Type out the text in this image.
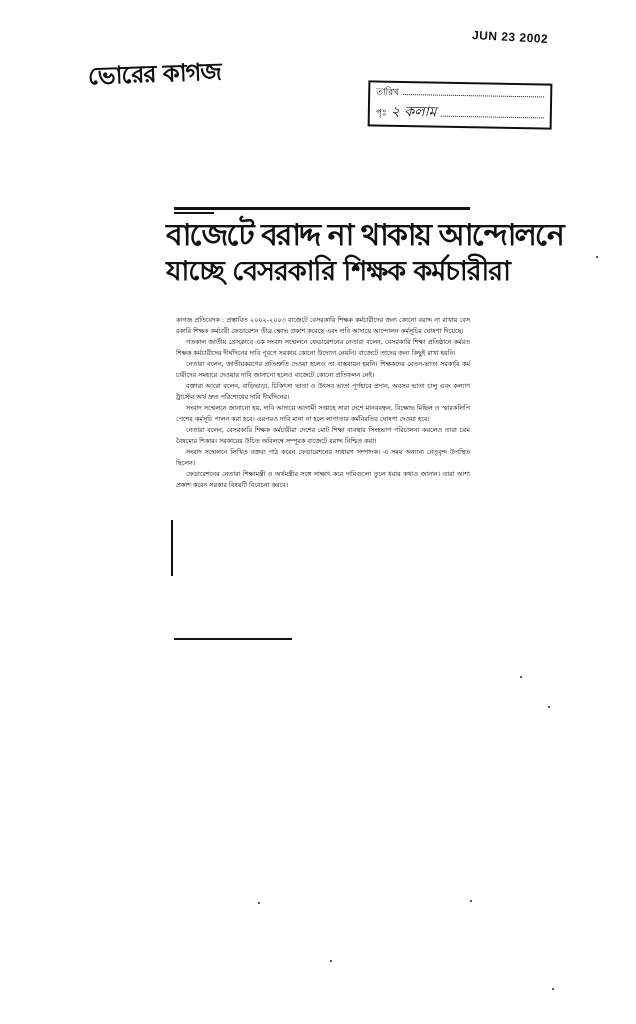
JUN 23 2002
ভোরের কাগজ
তারিখ
পৃঃ ২ কলাম
বাজেটে বরাদ্দ না থাকায় আন্দোলনে
যাচ্ছে বেসরকারি শিক্ষক কর্মচারীরা

কাগজ প্রতিবেদক : প্রস্তাবিত ২০০২-২০০৩ বাজেটে বেসরকারি শিক্ষক কর্মচারীদের জন্য কোনো বরাদ্দ না রাখায় বেসরকারি শিক্ষক কর্মচারী ফেডারেশন তীব্র ক্ষোভ প্রকাশ করেছে এবং দাবি আদায়ে আন্দোলন কর্মসূচির ঘোষণা দিয়েছে।

গতকাল জাতীয় প্রেসক্লাবে এক সংবাদ সম্মেলনে ফেডারেশনের নেতারা বলেন, বেসরকারি শিক্ষা প্রতিষ্ঠানে কর্মরত শিক্ষক কর্মচারীদের দীর্ঘদিনের দাবি পূরণে সরকার কোনো উদ্যোগ নেয়নি। বাজেটে তাদের জন্য কিছুই রাখা হয়নি।

নেতারা বলেন, জাতীয়করণের প্রতিশ্রুতি দেওয়া হলেও তা বাস্তবায়ন হয়নি। শিক্ষকদের বেতন-ভাতা সরকারি কর্মচারীদের সমহারে দেওয়ার দাবি জানানো হলেও বাজেটে কোনো প্রতিফলন নেই।

বক্তারা আরো বলেন, বাড়িভাড়া, চিকিৎসা ভাতা ও উৎসব ভাতা পূর্ণহারে প্রদান, অবসর ভাতা চালু এবং কল্যাণ ট্রাস্টের অর্থ দ্রুত পরিশোধের দাবি দীর্ঘদিনের।

সংবাদ সম্মেলনে জানানো হয়, দাবি আদায়ে আগামী সপ্তাহে সারা দেশে মানববন্ধন, বিক্ষোভ মিছিল ও স্মারকলিপি পেশের কর্মসূচি পালন করা হবে। এরপরও দাবি মানা না হলে লাগাতার কর্মবিরতির ঘোষণা দেওয়া হবে।

নেতারা বলেন, বেসরকারি শিক্ষক কর্মচারীরা দেশের মোট শিক্ষা ব্যবস্থার সিংহভাগ পরিচালনা করলেও তারা চরম বৈষম্যের শিকার। সরকারের উচিত অবিলম্বে সম্পূরক বাজেটে বরাদ্দ নিশ্চিত করা।

সংবাদ সম্মেলনে লিখিত বক্তব্য পাঠ করেন ফেডারেশনের সাধারণ সম্পাদক। এ সময় অন্যান্য নেতৃবৃন্দ উপস্থিত ছিলেন।

ফেডারেশনের নেতারা শিক্ষামন্ত্রী ও অর্থমন্ত্রীর সঙ্গে সাক্ষাৎ করে দাবিগুলো তুলে ধরার কথাও জানান। তারা আশা প্রকাশ করেন সরকার বিষয়টি বিবেচনা করবে।
